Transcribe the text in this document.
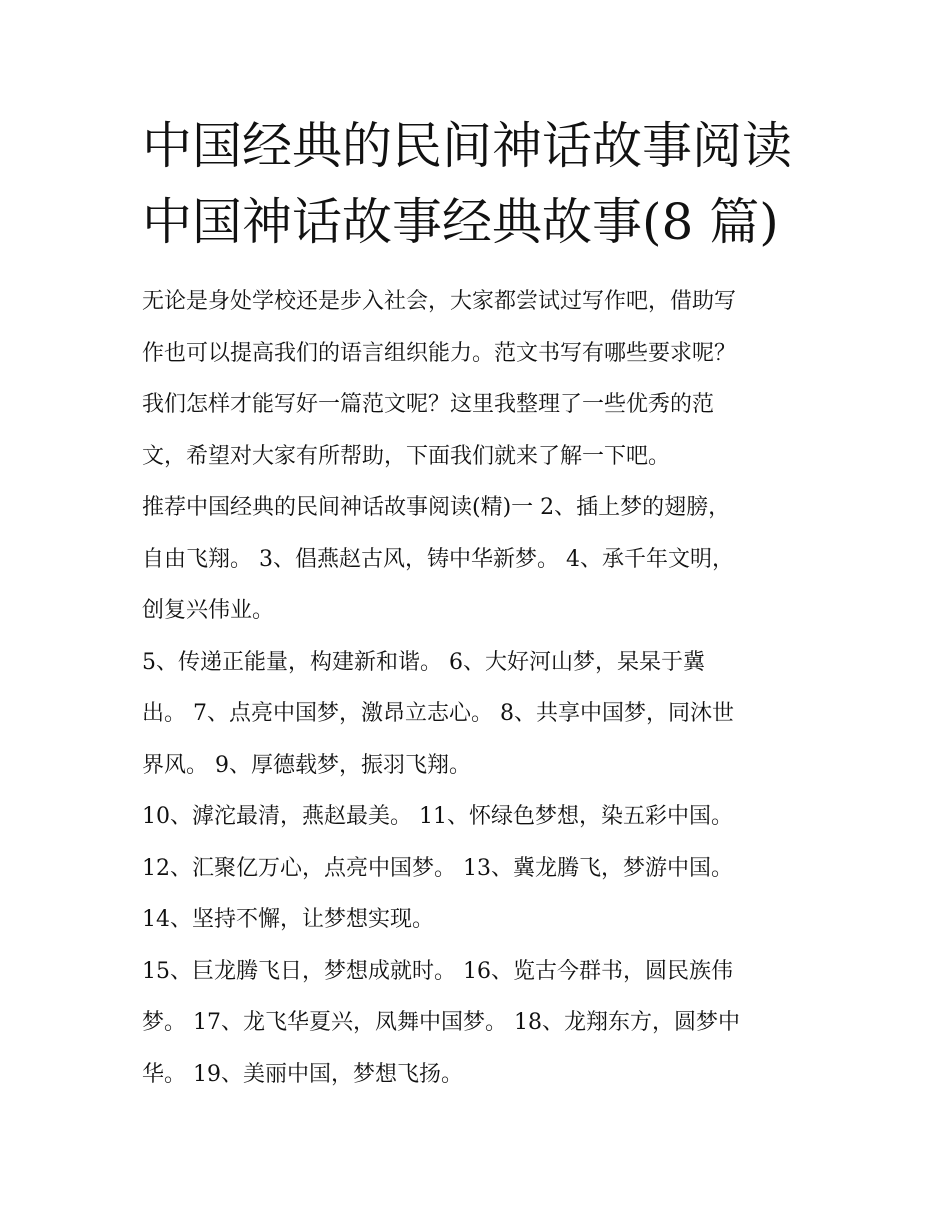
中国经典的民间神话故事阅读
中国神话故事经典故事(8 篇)

无论是身处学校还是步入社会，大家都尝试过写作吧，借助写
作也可以提高我们的语言组织能力。范文书写有哪些要求呢？
我们怎样才能写好一篇范文呢？这里我整理了一些优秀的范
文，希望对大家有所帮助，下面我们就来了解一下吧。

推荐中国经典的民间神话故事阅读(精)一 2、插上梦的翅膀，
自由飞翔。 3、倡燕赵古风，铸中华新梦。 4、承千年文明，
创复兴伟业。

5、传递正能量，构建新和谐。 6、大好河山梦，杲杲于冀
出。 7、点亮中国梦，激昂立志心。 8、共享中国梦，同沐世
界风。 9、厚德载梦，振羽飞翔。

10、滹沱最清，燕赵最美。 11、怀绿色梦想，染五彩中国。
12、汇聚亿万心，点亮中国梦。 13、冀龙腾飞，梦游中国。
14、坚持不懈，让梦想实现。

15、巨龙腾飞日，梦想成就时。 16、览古今群书，圆民族伟
梦。 17、龙飞华夏兴，凤舞中国梦。 18、龙翔东方，圆梦中
华。 19、美丽中国，梦想飞扬。
